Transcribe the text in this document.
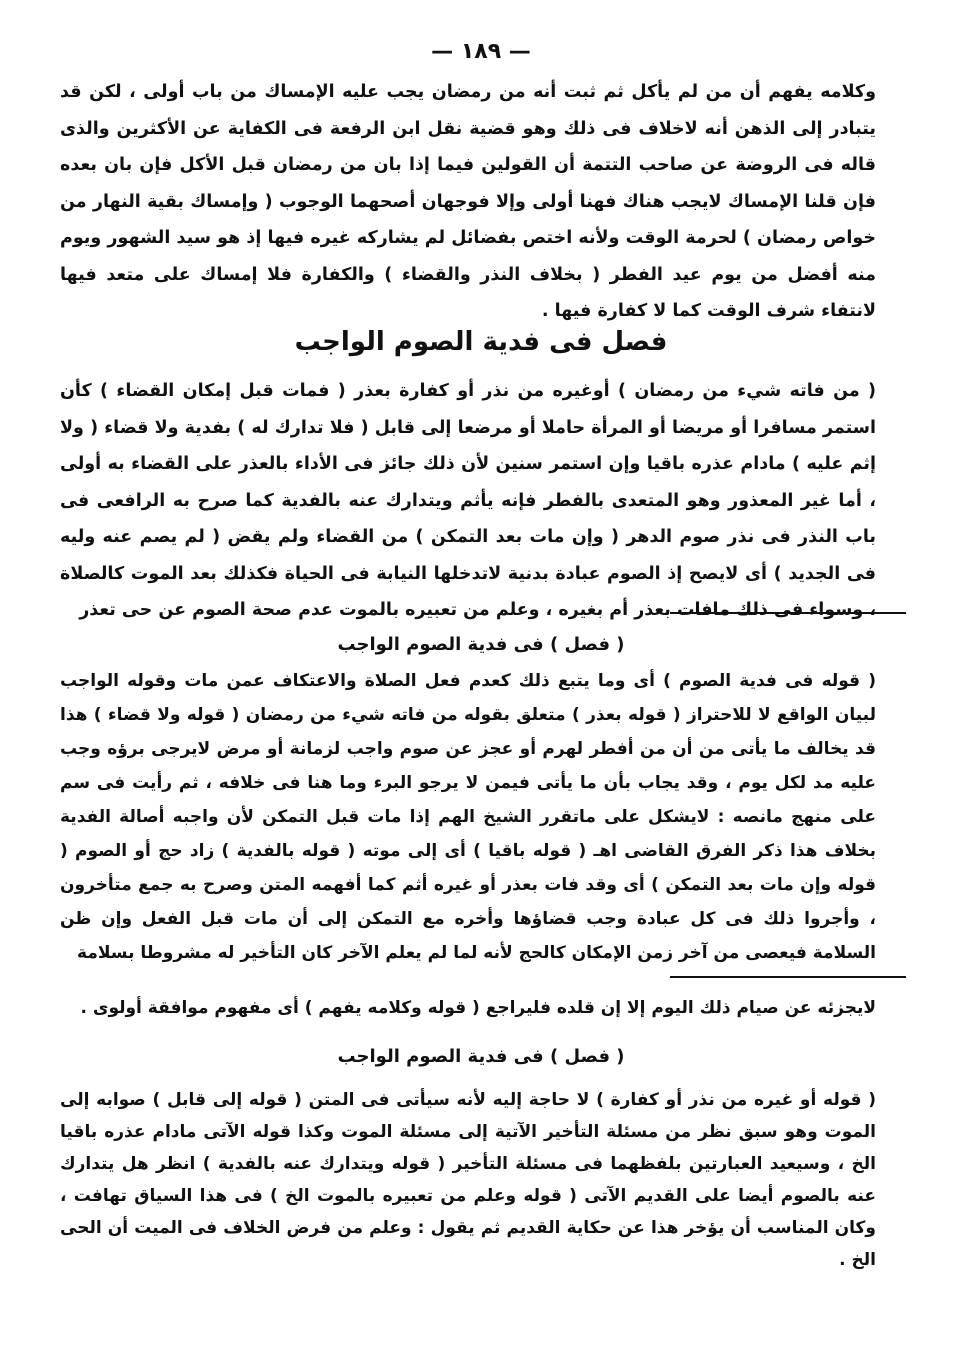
— ١٨٩ —

وكلامه يفهم أن من لم يأكل ثم ثبت أنه من رمضان يجب عليه الإمساك من باب أولى ، لكن قد يتبادر إلى الذهن أنه لاخلاف فى ذلك وهو قضية نقل ابن الرفعة فى الكفاية عن الأكثرين والذى قاله فى الروضة عن صاحب التتمة أن القولين فيما إذا بان من رمضان قبل الأكل فإن بان بعده فإن قلنا الإمساك لايجب هناك فهنا أولى وإلا فوجهان أصحهما الوجوب ( وإمساك بقية النهار من خواص رمضان ) لحرمة الوقت ولأنه اختص بفضائل لم يشاركه غيره فيها إذ هو سيد الشهور ويوم منه أفضل من يوم عيد الفطر ( بخلاف النذر والقضاء ) والكفارة فلا إمساك على متعد فيها لانتفاء شرف الوقت كما لا كفارة فيها .

فصل فى فدية الصوم الواجب

( من فاته شيء من رمضان ) أوغيره من نذر أو كفارة بعذر ( فمات قبل إمكان القضاء ) كأن استمر مسافرا أو مريضا أو المرأة حاملا أو مرضعا إلى قابل ( فلا تدارك له ) بفدية ولا قضاء ( ولا إثم عليه ) مادام عذره باقيا وإن استمر سنين لأن ذلك جائز فى الأداء بالعذر على القضاء به أولى ، أما غير المعذور وهو المتعدى بالفطر فإنه يأثم ويتدارك عنه بالفدية كما صرح به الرافعى فى باب النذر فى نذر صوم الدهر ( وإن مات بعد التمكن ) من القضاء ولم يقض ( لم يصم عنه وليه فى الجديد ) أى لايصح إذ الصوم عبادة بدنية لاتدخلها النيابة فى الحياة فكذلك بعد الموت كالصلاة ، وسواء فى ذلك مافات بعذر أم بغيره ، وعلم من تعبيره بالموت عدم صحة الصوم عن حى تعذر

( فصل ) فى فدية الصوم الواجب

( قوله فى فدية الصوم ) أى وما يتبع ذلك كعدم فعل الصلاة والاعتكاف عمن مات وقوله الواجب لبيان الواقع لا للاحتراز ( قوله بعذر ) متعلق بقوله من فاته شيء من رمضان ( قوله ولا قضاء ) هذا قد يخالف ما يأتى من أن من أفطر لهرم أو عجز عن صوم واجب لزمانة أو مرض لايرجى برؤه وجب عليه مد لكل يوم ، وقد يجاب بأن ما يأتى فيمن لا يرجو البرء وما هنا فى خلافه ، ثم رأيت فى سم على منهج مانصه : لايشكل على ماتقرر الشيخ الهم إذا مات قبل التمكن لأن واجبه أصالة الفدية بخلاف هذا ذكر الفرق القاضى اهـ ( قوله باقيا ) أى إلى موته ( قوله بالفدية ) زاد حج أو الصوم ( قوله وإن مات بعد التمكن ) أى وقد فات بعذر أو غيره أثم كما أفهمه المتن وصرح به جمع متأخرون ، وأجروا ذلك فى كل عبادة وجب قضاؤها وأخره مع التمكن إلى أن مات قبل الفعل وإن ظن السلامة فيعصى من آخر زمن الإمكان كالحج لأنه لما لم يعلم الآخر كان التأخير له مشروطا بسلامة

لايجزئه عن صيام ذلك اليوم إلا إن قلده فليراجع ( قوله وكلامه يفهم ) أى مفهوم موافقة أولوى .

( فصل ) فى فدية الصوم الواجب

( قوله أو غيره من نذر أو كفارة ) لا حاجة إليه لأنه سيأتى فى المتن ( قوله إلى قابل ) صوابه إلى الموت وهو سبق نظر من مسئلة التأخير الآتية إلى مسئلة الموت وكذا قوله الآتى مادام عذره باقيا الخ ، وسيعيد العبارتين بلفظهما فى مسئلة التأخير ( قوله ويتدارك عنه بالفدية ) انظر هل يتدارك عنه بالصوم أيضا على القديم الآتى ( قوله وعلم من تعبيره بالموت الخ ) فى هذا السياق تهافت ، وكان المناسب أن يؤخر هذا عن حكاية القديم ثم يقول : وعلم من فرض الخلاف فى الميت أن الحى الخ .
